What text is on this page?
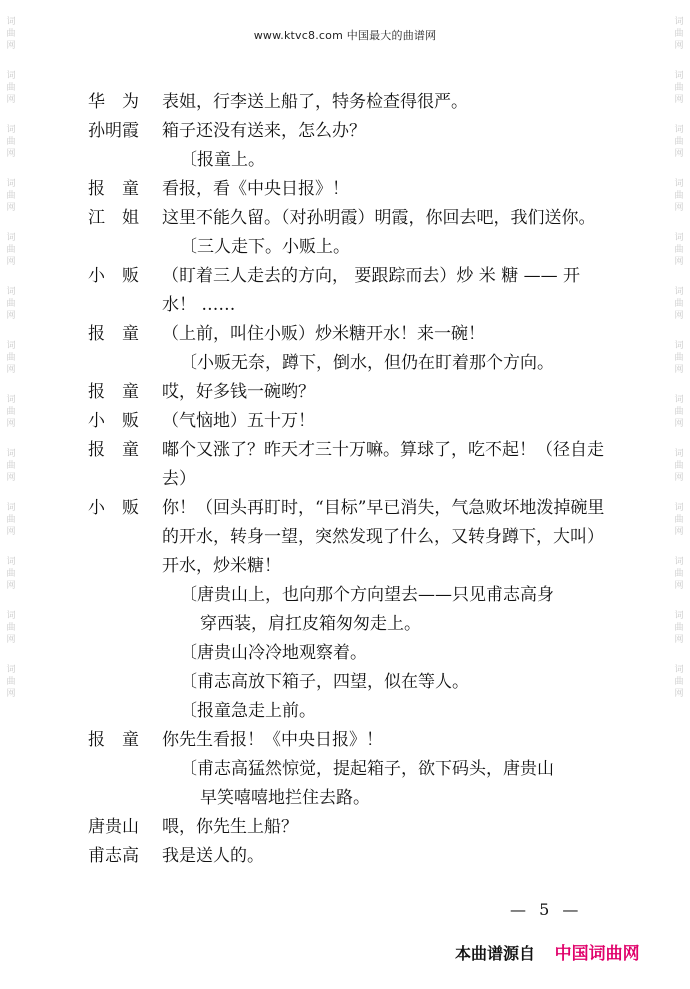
词
曲
网
词
曲
网
词
曲
网
词
曲
网
词
曲
网
词
曲
网
词
曲
网
词
曲
网
词
曲
网
词
曲
网
词
曲
网
词
曲
网
词
曲
网
词
曲
网
词
曲
网
词
曲
网
词
曲
网
词
曲
网
词
曲
网
词
曲
网
词
曲
网
词
曲
网
词
曲
网
词
曲
网
词
曲
网
词
曲
网
www.ktvc8.com 中国最大的曲谱网
华　为	表姐，行李送上船了，特务检查得很严。
孙明霞	箱子还没有送来，怎么办？
〔报童上。
报　童	看报，看《中央日报》！
江　姐	这里不能久留。（对孙明霞）明霞，你回去吧，我们送你。
〔三人走下。小贩上。
小　贩	（盯着三人走去的方向， 要跟踪而去）炒 米 糖 —— 开水！ ……
报　童	（上前，叫住小贩）炒米糖开水！来一碗！
〔小贩无奈，蹲下，倒水，但仍在盯着那个方向。
报　童	哎，好多钱一碗哟？
小　贩	（气恼地）五十万！
报　童	嘟个又涨了？昨天才三十万嘛。算球了，吃不起！（径自走去）
小　贩	你！（回头再盯时，“目标”早已消失，气急败坏地泼掉碗里的开水，转身一望，突然发现了什么，又转身蹲下，大叫）开水，炒米糖！
〔唐贵山上，也向那个方向望去——只见甫志高身
穿西装，肩扛皮箱匆匆走上。
〔唐贵山冷冷地观察着。
〔甫志高放下箱子，四望，似在等人。
〔报童急走上前。
报　童	你先生看报！《中央日报》！
〔甫志高猛然惊觉，提起箱子，欲下码头，唐贵山
早笑嘻嘻地拦住去路。
唐贵山	喂，你先生上船？
甫志高	我是送人的。
— 5 —
本曲谱源自 中国词曲网
